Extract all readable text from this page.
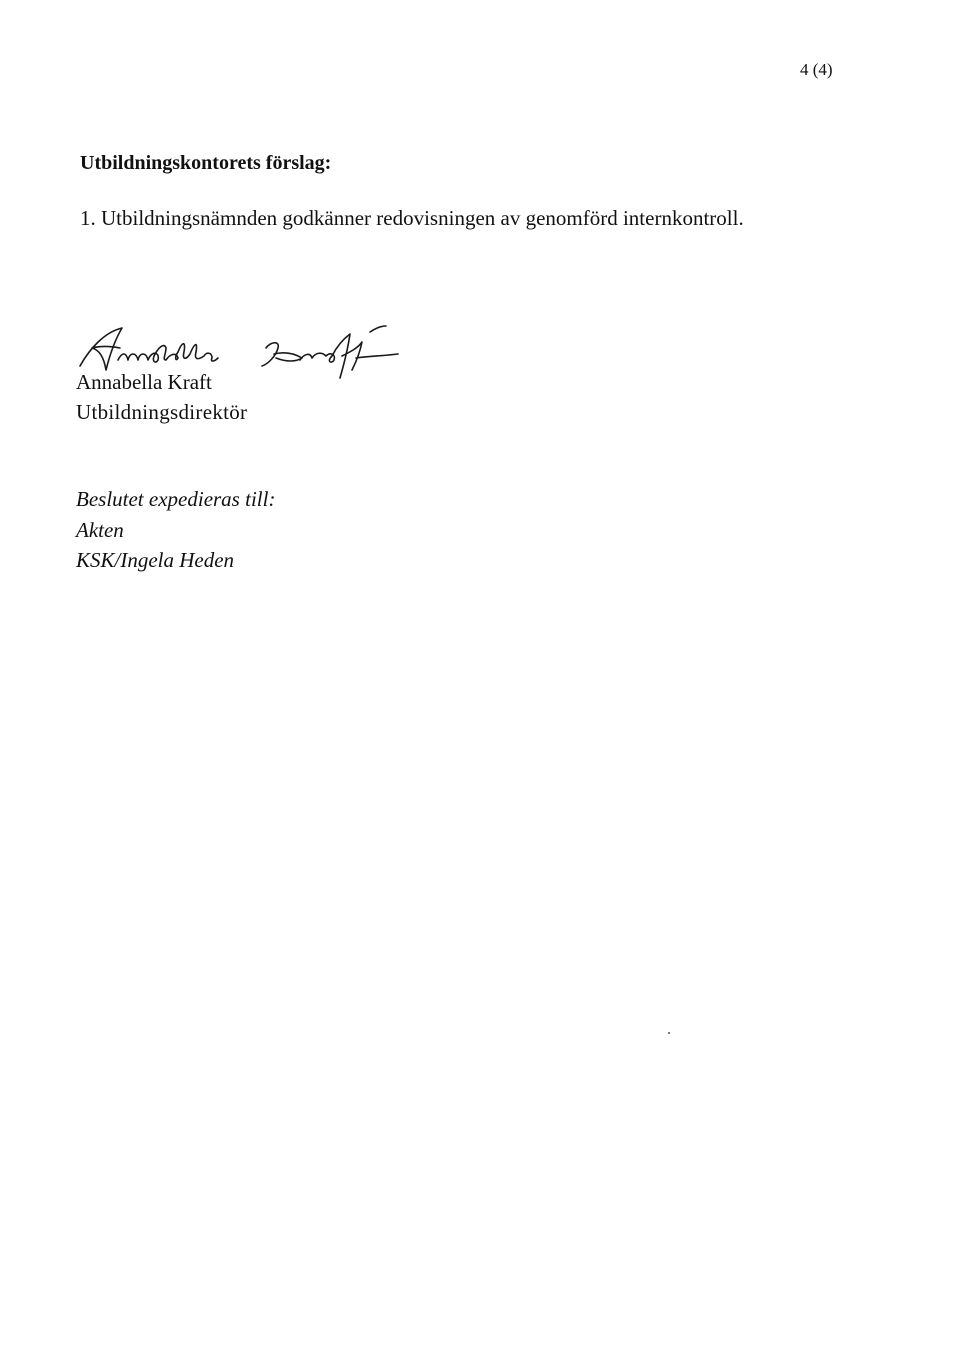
4 (4)
Utbildningskontorets förslag:
1. Utbildningsnämnden godkänner redovisningen av genomförd internkontroll.
Annabella Kraft
Utbildningsdirektör
Beslutet expedieras till:
Akten
KSK/Ingela Heden
